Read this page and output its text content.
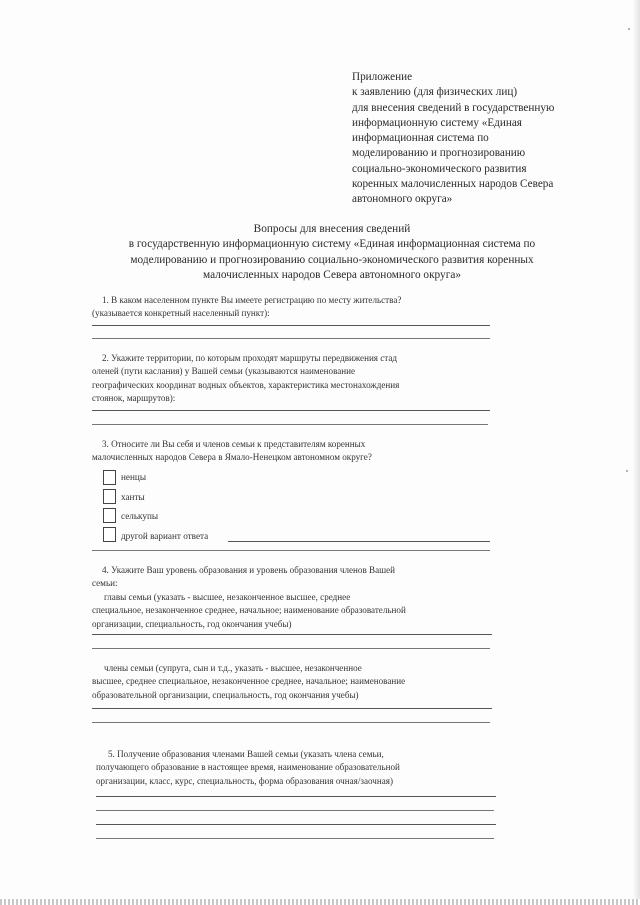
Приложение
к заявлению (для физических лиц)
для внесения сведений в государственную
информационную систему «Единая
информационная система по
моделированию и прогнозированию
социально-экономического развития
коренных малочисленных народов Севера
автономного округа»
Вопросы для внесения сведений
в государственную информационную систему «Единая информационная система по
моделированию и прогнозированию социально-экономического развития коренных
малочисленных народов Севера автономного округа»
1. В каком населенном пункте Вы имеете регистрацию по месту жительства?
(указывается конкретный населенный пункт):
2. Укажите территории, по которым проходят маршруты передвижения стад
оленей (пути каслания) у Вашей семьи (указываются наименование
географических координат водных объектов, характеристика местонахождения
стоянок, маршрутов):
3. Относите ли Вы себя и членов семьи к представителям коренных
малочисленных народов Севера в Ямало-Ненецком автономном округе?
ненцы
ханты
селькупы
другой вариант ответа
4. Укажите Ваш уровень образования и уровень образования членов Вашей
семьи:
главы семьи (указать - высшее, незаконченное высшее, среднее
специальное, незаконченное среднее, начальное; наименование образовательной
организации, специальность, год окончания учебы)
члены семьи (супруга, сын и т.д., указать - высшее, незаконченное
высшее, среднее специальное, незаконченное среднее, начальное; наименование
образовательной организации, специальность, год окончания учебы)
5. Получение образования членами Вашей семьи (указать члена семьи,
получающего образование в настоящее время, наименование образовательной
организации, класс, курс, специальность, форма образования очная/заочная)
